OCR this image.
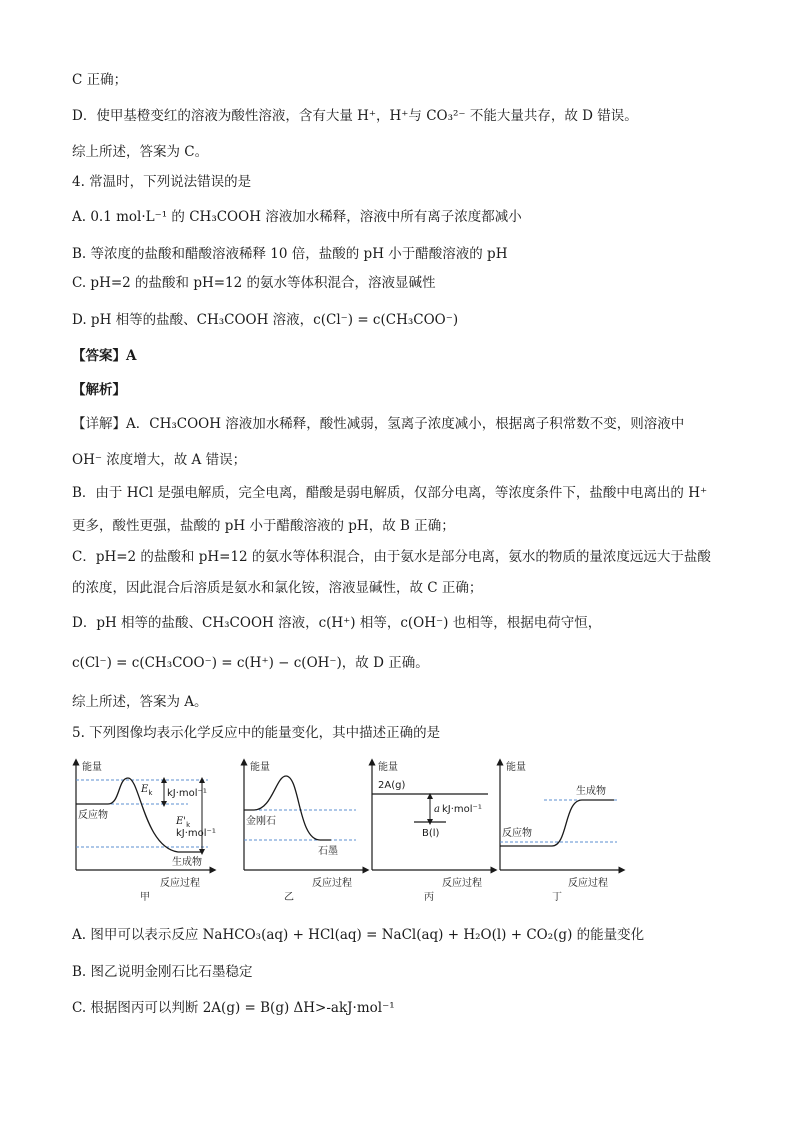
C 正确；
D．使甲基橙变红的溶液为酸性溶液，含有大量 H⁺，H⁺与 CO₃²⁻ 不能大量共存，故 D 错误。
综上所述，答案为 C。
4. 常温时，下列说法错误的是
A. 0.1 mol·L⁻¹ 的 CH₃COOH 溶液加水稀释，溶液中所有离子浓度都减小
B. 等浓度的盐酸和醋酸溶液稀释 10 倍，盐酸的 pH 小于醋酸溶液的 pH
C. pH=2 的盐酸和 pH=12 的氨水等体积混合，溶液显碱性
D. pH 相等的盐酸、CH₃COOH 溶液，c(Cl⁻) = c(CH₃COO⁻)
【答案】A
【解析】
【详解】A．CH₃COOH 溶液加水稀释，酸性减弱，氢离子浓度减小，根据离子积常数不变，则溶液中
OH⁻ 浓度增大，故 A 错误；
B．由于 HCl 是强电解质，完全电离，醋酸是弱电解质，仅部分电离，等浓度条件下，盐酸中电离出的 H⁺
更多，酸性更强，盐酸的 pH 小于醋酸溶液的 pH，故 B 正确；
C．pH=2 的盐酸和 pH=12 的氨水等体积混合，由于氨水是部分电离，氨水的物质的量浓度远远大于盐酸
的浓度，因此混合后溶质是氨水和氯化铵，溶液显碱性，故 C 正确；
D．pH 相等的盐酸、CH₃COOH 溶液，c(H⁺) 相等，c(OH⁻) 也相等，根据电荷守恒，
c(Cl⁻) = c(CH₃COO⁻) = c(H⁺) − c(OH⁻)，故 D 正确。
综上所述，答案为 A。
5. 下列图像均表示化学反应中的能量变化，其中描述正确的是
能量
反应过程
甲
反应物
生成物
$E_k$ kJ·mol⁻¹
$E'_k$
kJ·mol⁻¹
能量
反应过程
乙
金刚石
石墨
能量
反应过程
丙
2A(g)
B(l)
a kJ·mol⁻¹
能量
反应过程
丁
反应物
生成物
A. 图甲可以表示反应 NaHCO₃(aq) + HCl(aq) = NaCl(aq) + H₂O(l) + CO₂(g) 的能量变化
B. 图乙说明金刚石比石墨稳定
C. 根据图丙可以判断 2A(g) = B(g) ΔH>-akJ·mol⁻¹
